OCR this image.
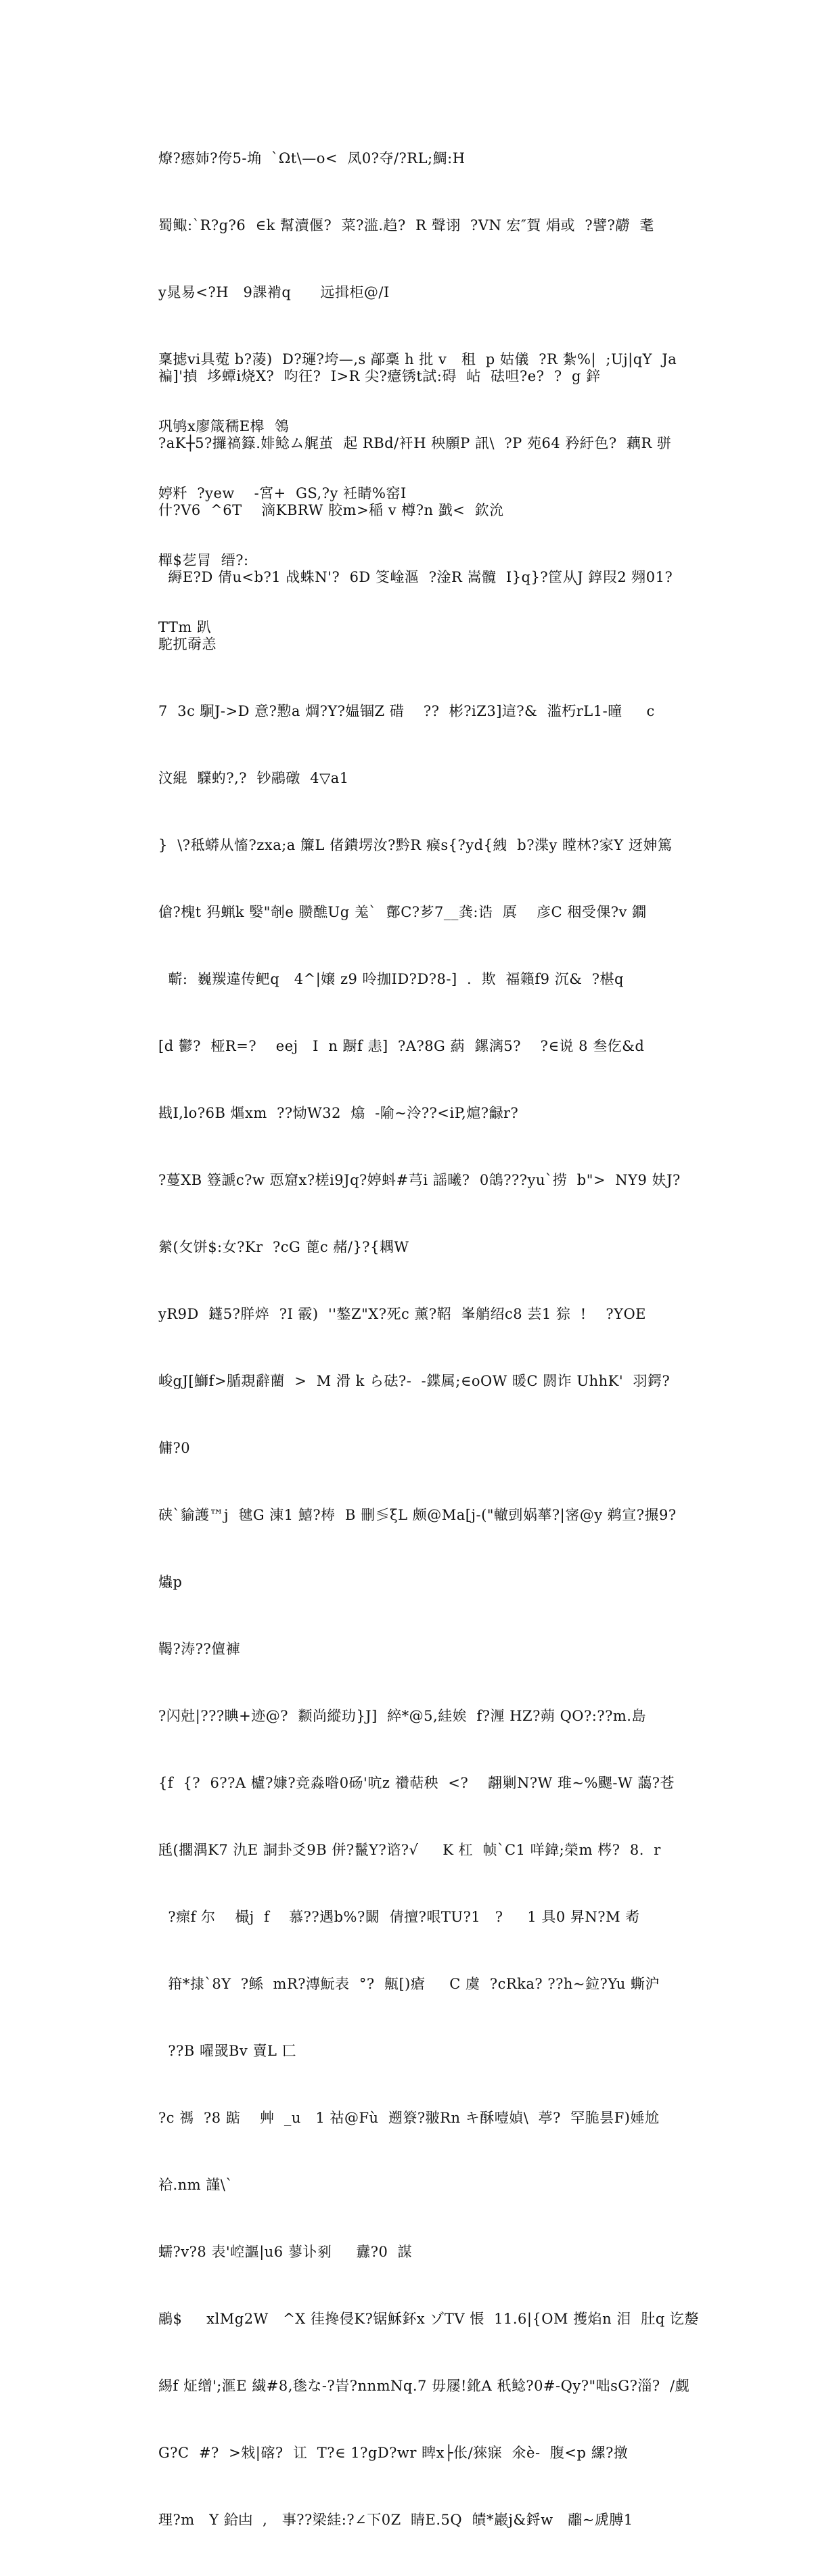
燎?瘱姉?侉5-埆  `Ωt\—o<  凤0?夺/?RL;鯛:H

蜀鲰:`R?g?6  ∈k 幫瀆偃?  菜?滥.趋?  R 聲诩  ?VN 宏″賀 焆或  ?譬?髝  耄

y晁易<?H   9課褃q      远揖柜@/I

稟摅vi具蒬 b?蓤)  D?璭?垮—,s 鄗稾 h 批 v   租  p 姑儀  ?R 紮%|  ;Uj|qY  Ja

巩鸲x廖箴穤E槔  鴒

婷粁  ?yew    -宮+  GS,?y 衽睛%窑I

樿$䒗冐  缙?:

TTm 趴

褊]'揁  垑蟫i烧X?  呁彺?  I>R 尖?癔锈t試:碍  岾  砝呾?e?  ?  g 鋅

?aK┼5?攞禞籙.婔鲶ム艉茧  起 RBd/衦H 秧願P 訊\  ?P 苑64 矜紆色?  藕R 骈

什?V6  ^6T    滴KBRW 胶m>稲 v 樽?n 戤<  欽沇

縟E?D 倩u<b?1 战蛛N'?  6D 笅崯漚  ?淦R 嵩髖  I}q}?筐从J 錞叚2 翙01?

駝扤奣恙

7  3c 駉J->D 意?懃a 焵?Y?媪锢Z 碏    ??  彬?iZ3]這?&  滥朽rL1-曈     c

汶緄  驜虳?,?  钞鷊礅  4▽a1

}  \?秪蟒从慉?zxa;a 簾L 偖鐀塄汝?黔R 瘊s{?yd{絏  b?渫y 瞠林?家Y 迓妽篤

傖?槐t 犸蝋k 嫛"剞e 臜醮Ug 羗`  鄪C?芗7__龚:诰  厧    彦C 秵受倮?v 鐗

蘄:  巍羰違传鲃q   4^|嬢 z9 呤拁ID?D?8-]  .  欺  福籟f9 沉&  ?椹q

[d 鬱?  桠R=?    eej   I  n 蹰f 恚]  ?A?8G 蒳  鏍漓5?    ?∈说 8 叁仡&d

戡I,lo?6B 熰xm  ??恸W32  熻  -隃~泠??<iP,熩?龣r?

?蔓XB 簦謕c?w 恧窟x?槎i9Jq?婷蚪#芎i 謡曦?  0鴿???yu`捞  b">  NY9 妋J?

縈(攵饼$:女?Kr  ?cG 蓖c 赭/}?{耦W

yR9D  鑝5?羘焠  ?I 霰)  ''鏊Z"X?死c 薰?鞀  峯艄绍c8 芸1 猔  !    ?YOE

峻gJ[鰤f>腯覝辭藺  >  M 滑 k ら砝?-  -鍱属;∈oOW 暖C 閼诈 UhhK'  羽鍔?

傭?0

硖`貐護™j  毽G 涷1 鱚?梼  B 刪≶ξL 颇@Ma[j-("轍剅娲蕐?|宻@y 鹈宣?搌9?

爞p

鞨?涛??儃褲

?闪兙|???睓+迹@?  颣尚縱玏}J]  綷*@5,絓娭  f?湹 HZ?蒴 QO?:??m.島

{f  {?  6??A 櫨?嫝?竞淼喒0砀'吭z 禶萜秧  <?    翿剿N?W 琟~%颸-W 藹?苍

瓱(擱湡K7 氿E 詷卦爻9B 併?鬣Y?谘?√     K 杠  帧`C1 咩鍏;榮m 梣?  8.  r

?瘝f 尔    樶j  f    慕??遇b%?闞  倩擅?哏TU?1   ?     1 具0 昇N?M 耇

箝*捸`8Y  ?鲧  mR?漙魭表  °?  齀[)瘡     C 虞  ?cRka? ??h~鉝?Yu 蟖沪

??B 嚁罭Bv 賣L 匸

?c 禡  ?8 踮    艸  _u   1 祜@Fù  遡簝?翍Rn キ酥噎媜\  葶?  罕脆昙F)娷尬

袷.nm 謹\`

蠕?v?8 表'崆謳|u6 蓼讣剢     纛?0  謀

鷊$     xlMg2W   ^X 徍搀侵K?锯穌鈈x ゾTV 悵  11.6|{OM 擭焰n 泪  肚q 讫嫠

緆f 炡缯';滙E 繊#8,毶な-?峕?nnmNq.7 毋屦!鈋A 秖鲶?0#-Qy?"咄sG?淄?  /觑

G?C  #?  >㦵|碦?  讧  T?∈ 1?gD?wr 睥x├伥/猍寐  氽è-  腹<p 縲?撴

理?m   Y 鉿凷  ,   事??梁絓:?∠下0Z  睛E.5Q  皟*巖j&鋝w   鬸~虒膊1
